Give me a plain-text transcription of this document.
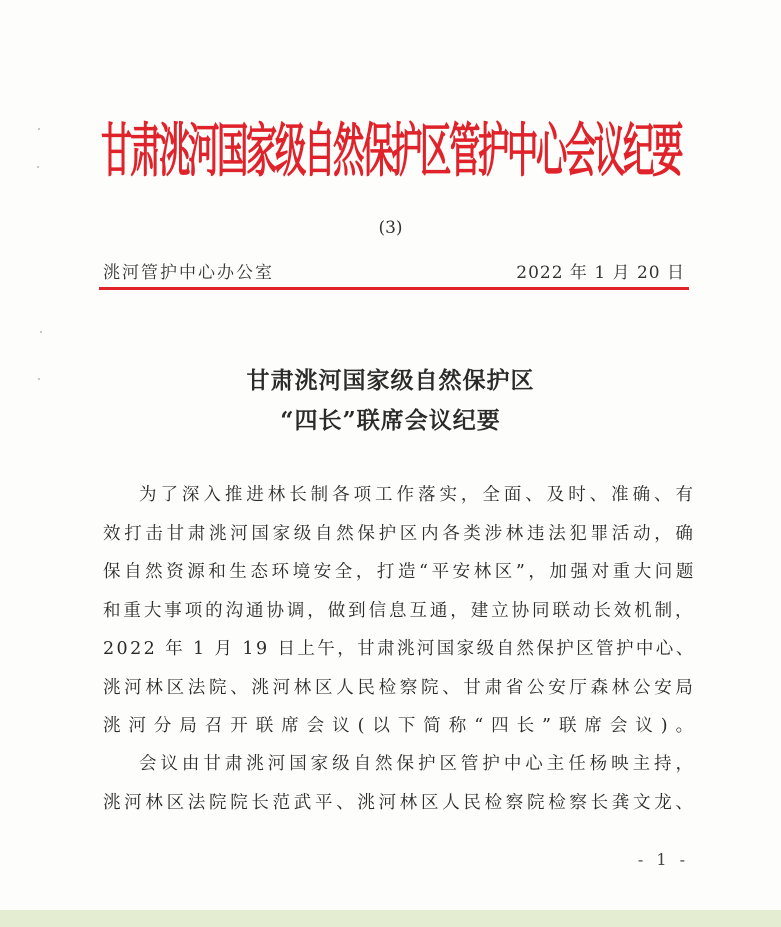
甘肃洮河国家级自然保护区管护中心会议纪要
(3)
洮河管护中心办公室	2022 年 1 月 20 日
甘肃洮河国家级自然保护区
“四长”联席会议纪要
为了深入推进林长制各项工作落实，全面、及时、准确、有
效打击甘肃洮河国家级自然保护区内各类涉林违法犯罪活动，确
保自然资源和生态环境安全，打造“平安林区”，加强对重大问题
和重大事项的沟通协调，做到信息互通，建立协同联动长效机制，
2022 年 1 月 19 日上午，甘肃洮河国家级自然保护区管护中心、
洮河林区法院、洮河林区人民检察院、甘肃省公安厅森林公安局
洮河分局召开联席会议(以下简称“四长”联席会议)。
会议由甘肃洮河国家级自然保护区管护中心主任杨映主持，
洮河林区法院院长范武平、洮河林区人民检察院检察长龚文龙、
- 1 -
